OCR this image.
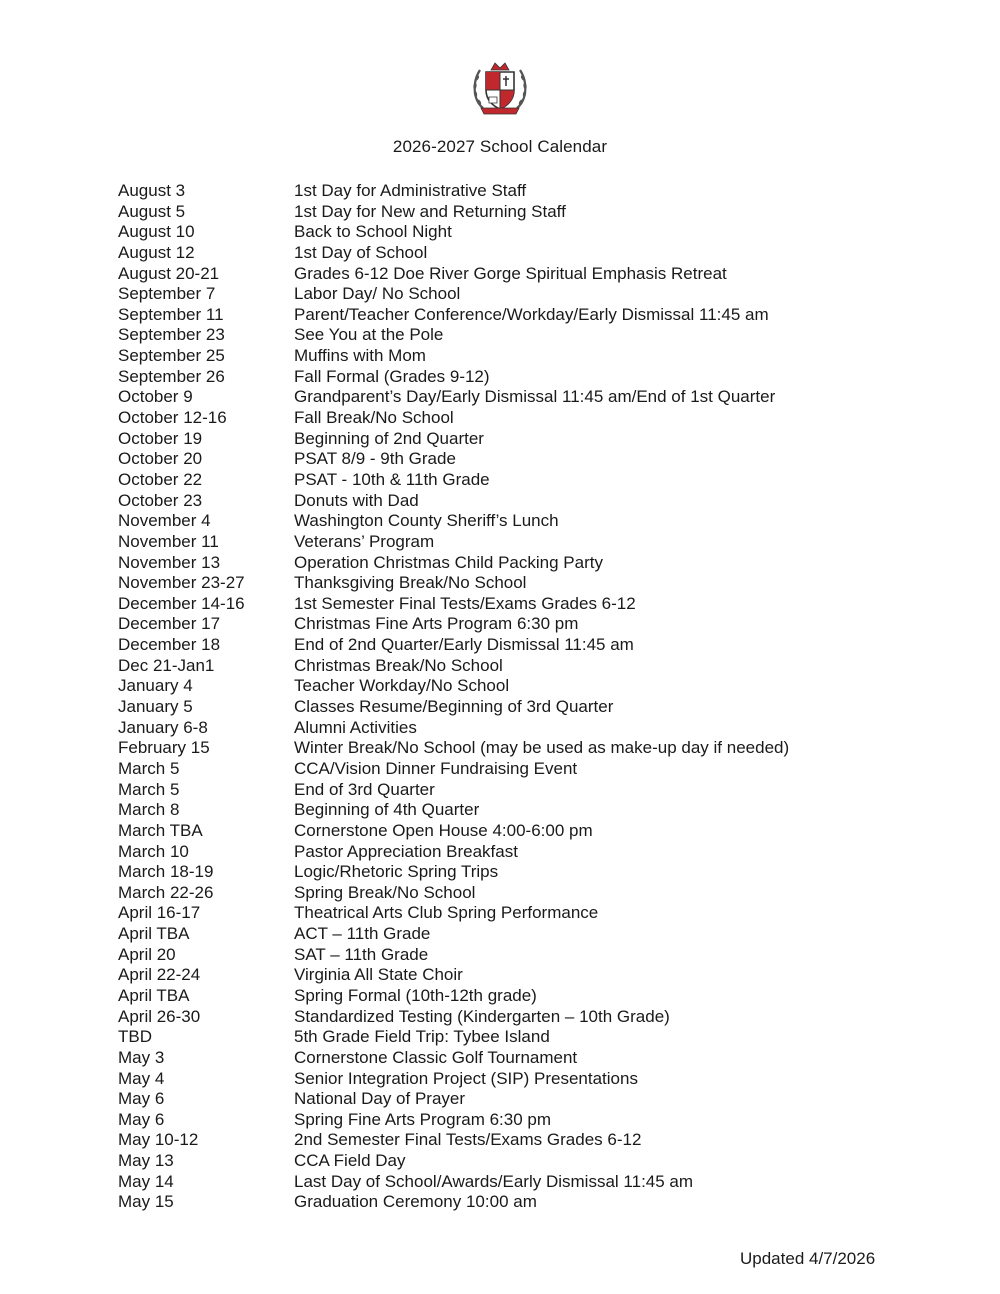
2026-2027 School Calendar
August 3	1st Day for Administrative Staff
August 5	1st Day for New and Returning Staff
August 10	Back to School Night
August 12	1st Day of School
August 20-21	Grades 6-12 Doe River Gorge Spiritual Emphasis Retreat
September 7	Labor Day/ No School
September 11	Parent/Teacher Conference/Workday/Early Dismissal 11:45 am
September 23	See You at the Pole
September 25	Muffins with Mom
September 26	Fall Formal (Grades 9-12)
October 9	Grandparent’s Day/Early Dismissal 11:45 am/End of 1st Quarter
October 12-16	Fall Break/No School
October 19	Beginning of 2nd Quarter
October 20	PSAT 8/9 - 9th Grade
October 22	PSAT - 10th & 11th Grade
October 23	Donuts with Dad
November 4	Washington County Sheriff’s Lunch
November 11	Veterans’ Program
November 13	Operation Christmas Child Packing Party
November 23-27	Thanksgiving Break/No School
December 14-16	1st Semester Final Tests/Exams Grades 6-12
December 17	Christmas Fine Arts Program 6:30 pm
December 18	End of 2nd Quarter/Early Dismissal 11:45 am
Dec 21-Jan1	Christmas Break/No School
January 4	Teacher Workday/No School
January 5	Classes Resume/Beginning of 3rd Quarter
January 6-8	Alumni Activities
February 15	Winter Break/No School (may be used as make-up day if needed)
March 5	CCA/Vision Dinner Fundraising Event
March 5	End of 3rd Quarter
March 8	Beginning of 4th Quarter
March TBA	Cornerstone Open House 4:00-6:00 pm
March 10	Pastor Appreciation Breakfast
March 18-19	Logic/Rhetoric Spring Trips
March 22-26	Spring Break/No School
April 16-17	Theatrical Arts Club Spring Performance
April TBA	ACT – 11th Grade
April 20	SAT – 11th Grade
April 22-24	Virginia All State Choir
April TBA	Spring Formal (10th-12th grade)
April 26-30	Standardized Testing (Kindergarten – 10th Grade)
TBD	5th Grade Field Trip: Tybee Island
May 3	Cornerstone Classic Golf Tournament
May 4	Senior Integration Project (SIP) Presentations
May 6	National Day of Prayer
May 6	Spring Fine Arts Program 6:30 pm
May 10-12	2nd Semester Final Tests/Exams Grades 6-12
May 13	CCA Field Day
May 14	Last Day of School/Awards/Early Dismissal 11:45 am
May 15	Graduation Ceremony 10:00 am
Updated 4/7/2026
